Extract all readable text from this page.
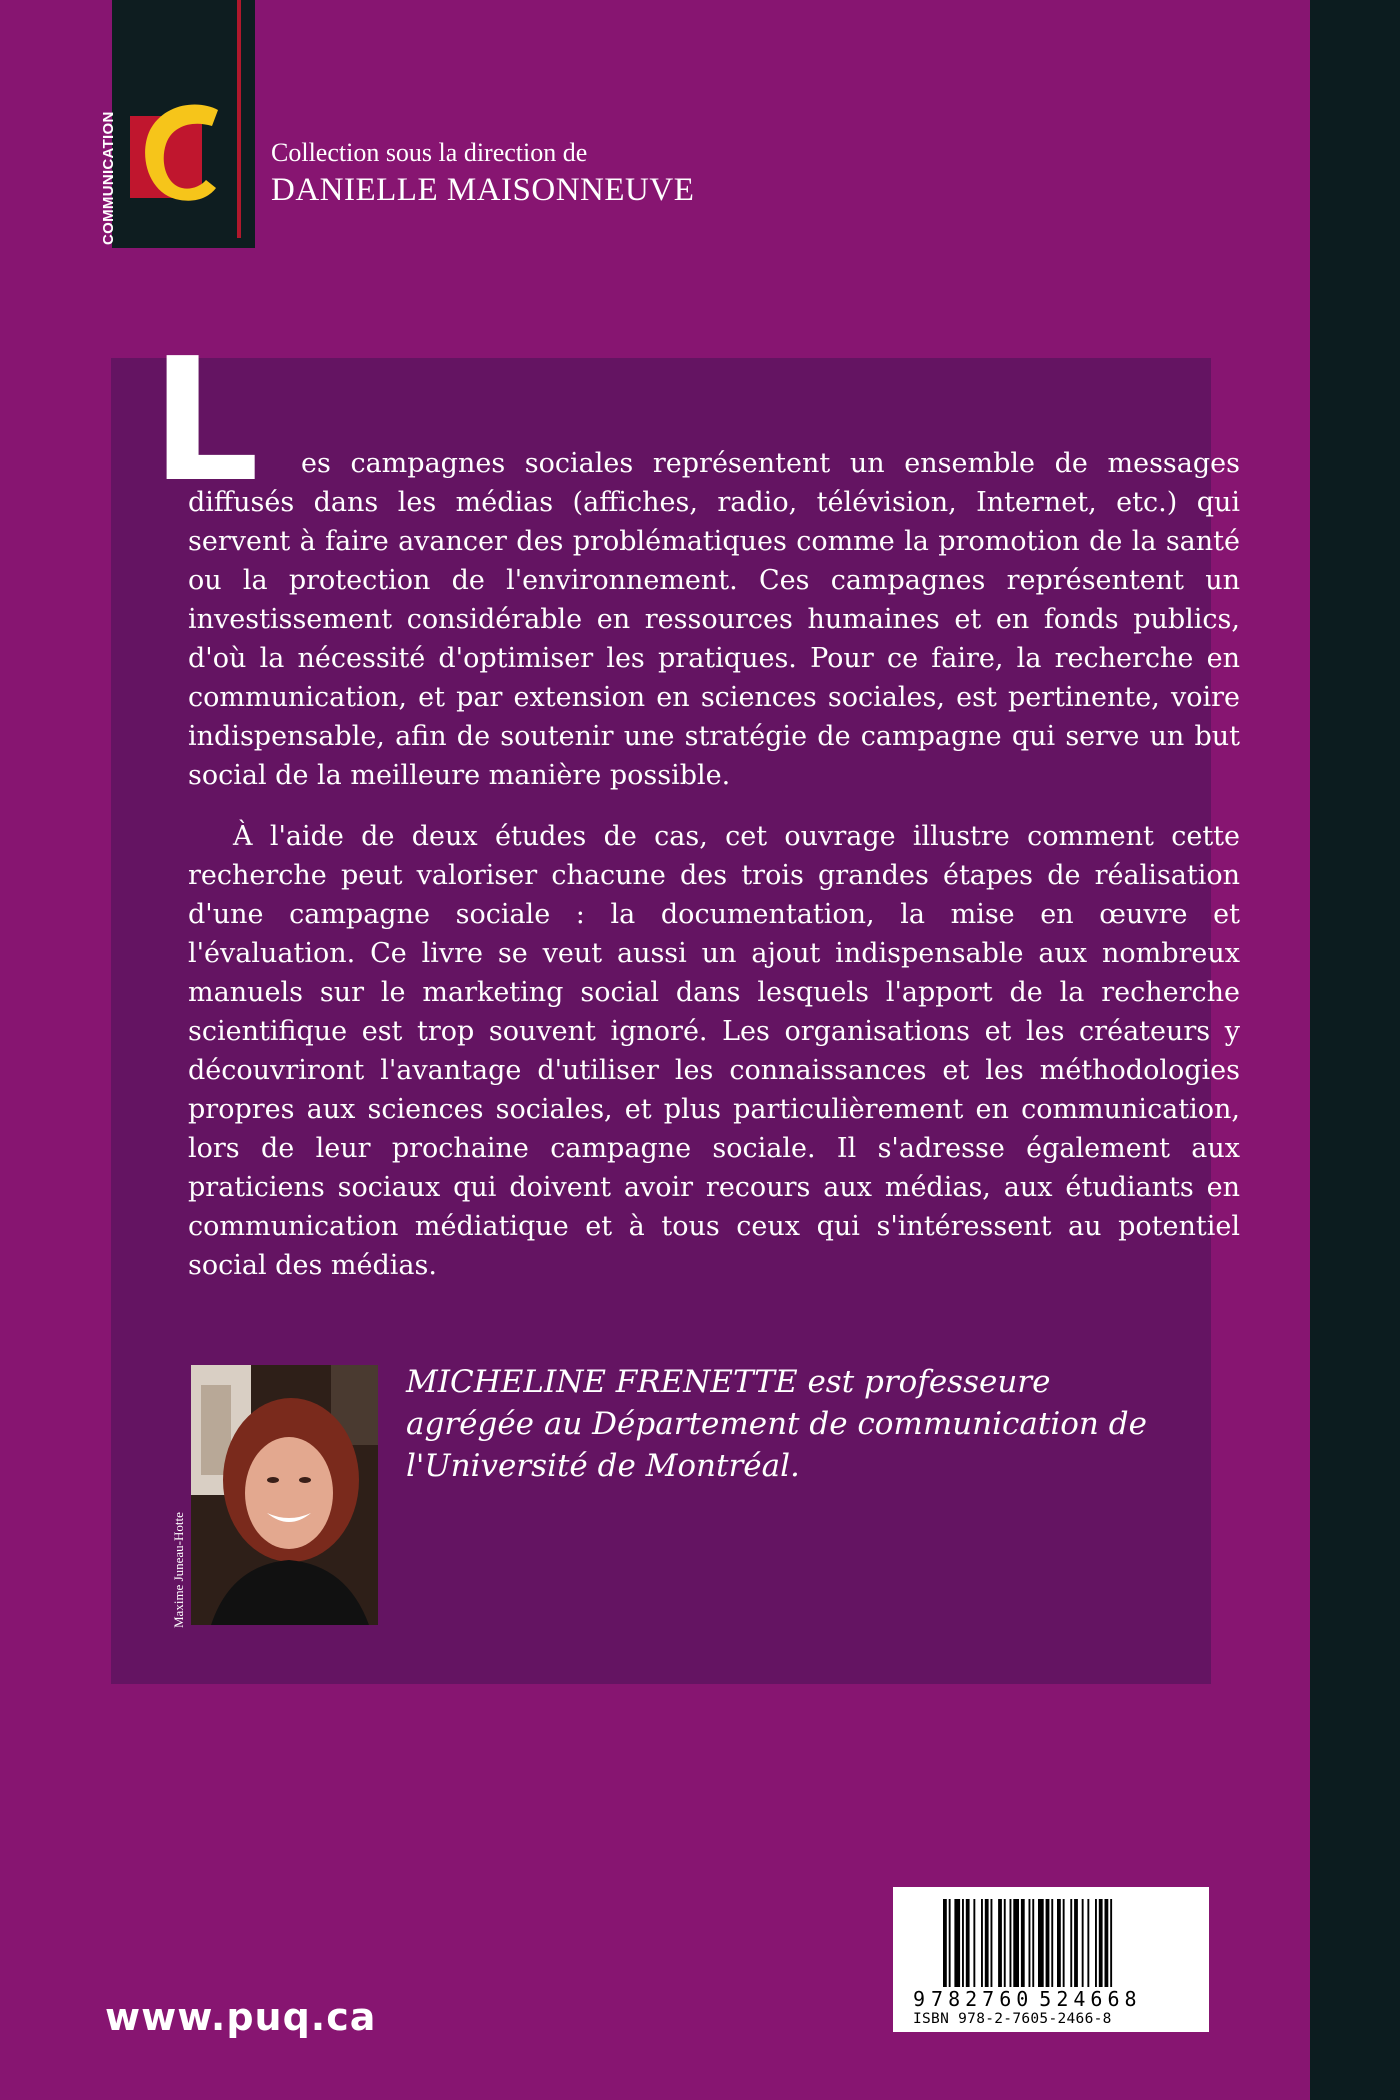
COMMUNICATION	Collection sous la direction de
DANIELLE MAISONNEUVE
L	es campagnes sociales représentent un ensemble de messages diffusés dans les médias (affiches, radio, télévision, Internet, etc.) qui servent à faire avancer des problématiques comme la promotion de la santé ou la protection de l'environnement. Ces campagnes représentent un investissement considérable en ressources humaines et en fonds publics, d'où la nécessité d'optimiser les pratiques. Pour ce faire, la recherche en communication, et par extension en sciences sociales, est pertinente, voire indispensable, afin de soutenir une stratégie de campagne qui serve un but social de la meilleure manière possible.

À l'aide de deux études de cas, cet ouvrage illustre comment cette recherche peut valoriser chacune des trois grandes étapes de réalisation d'une campagne sociale : la documentation, la mise en œuvre et l'évaluation. Ce livre se veut aussi un ajout indispensable aux nombreux manuels sur le marketing social dans lesquels l'apport de la recherche scientifique est trop souvent ignoré. Les organisations et les créateurs y découvriront l'avantage d'utiliser les connaissances et les méthodologies propres aux sciences sociales, et plus particulièrement en communication, lors de leur prochaine campagne sociale. Il s'adresse également aux praticiens sociaux qui doivent avoir recours aux médias, aux étudiants en communication médiatique et à tous ceux qui s'intéressent au potentiel social des médias.

Maxime Juneau-Hotte
MICHELINE FRENETTE est professeure agrégée au Département de communication de l'Université de Montréal.
www.puq.ca	9 782760 524668
ISBN 978-2-7605-2466-8
